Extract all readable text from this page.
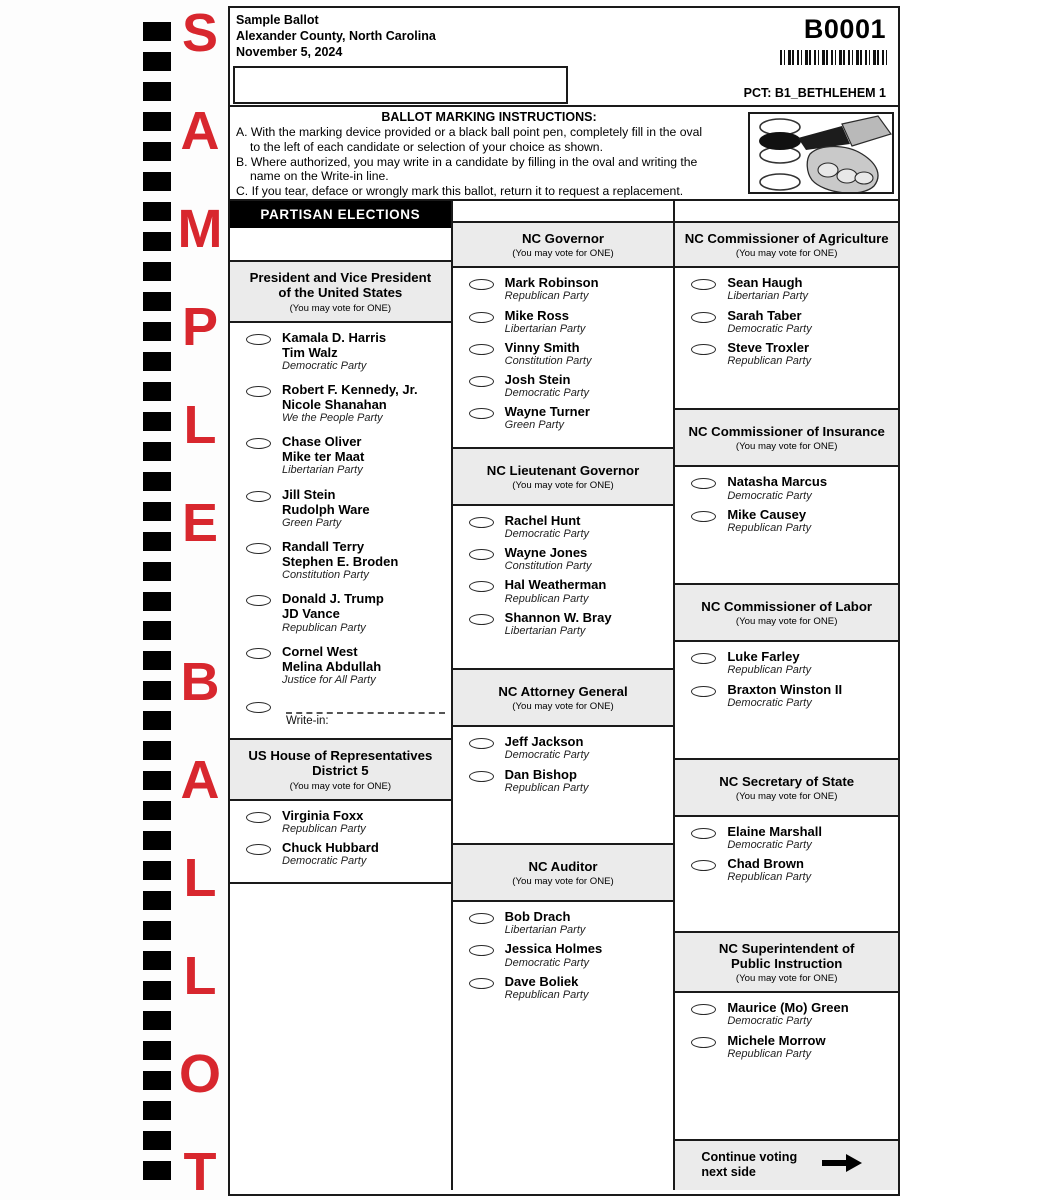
S
A
M
P
L
E
B
A
L
L
O
T
Sample Ballot
Alexander County, North Carolina
November 5, 2024
B0001
PCT: B1_BETHLEHEM 1
BALLOT MARKING INSTRUCTIONS:
A. With the marking device provided or a black ball point pen, completely fill in the oval
to the left of each candidate or selection of your choice as shown.
B. Where authorized, you may write in a candidate by filling in the oval and writing the
name on the Write-in line.
C. If you tear, deface or wrongly mark this ballot, return it to request a replacement.
PARTISAN ELECTIONS
President and Vice President
of the United States
(You may vote for ONE)
Kamala D. Harris
Tim Walz
Democratic Party
Robert F. Kennedy, Jr.
Nicole Shanahan
We the People Party
Chase Oliver
Mike ter Maat
Libertarian Party
Jill Stein
Rudolph Ware
Green Party
Randall Terry
Stephen E. Broden
Constitution Party
Donald J. Trump
JD Vance
Republican Party
Cornel West
Melina Abdullah
Justice for All Party
Write-in:
US House of Representatives
District 5
(You may vote for ONE)
Virginia Foxx
Republican Party
Chuck Hubbard
Democratic Party
NC Governor
(You may vote for ONE)
Mark Robinson
Republican Party
Mike Ross
Libertarian Party
Vinny Smith
Constitution Party
Josh Stein
Democratic Party
Wayne Turner
Green Party
NC Lieutenant Governor
(You may vote for ONE)
Rachel Hunt
Democratic Party
Wayne Jones
Constitution Party
Hal Weatherman
Republican Party
Shannon W. Bray
Libertarian Party
NC Attorney General
(You may vote for ONE)
Jeff Jackson
Democratic Party
Dan Bishop
Republican Party
NC Auditor
(You may vote for ONE)
Bob Drach
Libertarian Party
Jessica Holmes
Democratic Party
Dave Boliek
Republican Party
NC Commissioner of Agriculture
(You may vote for ONE)
Sean Haugh
Libertarian Party
Sarah Taber
Democratic Party
Steve Troxler
Republican Party
NC Commissioner of Insurance
(You may vote for ONE)
Natasha Marcus
Democratic Party
Mike Causey
Republican Party
NC Commissioner of Labor
(You may vote for ONE)
Luke Farley
Republican Party
Braxton Winston II
Democratic Party
NC Secretary of State
(You may vote for ONE)
Elaine Marshall
Democratic Party
Chad Brown
Republican Party
NC Superintendent of
Public Instruction
(You may vote for ONE)
Maurice (Mo) Green
Democratic Party
Michele Morrow
Republican Party
Continue voting
next side
